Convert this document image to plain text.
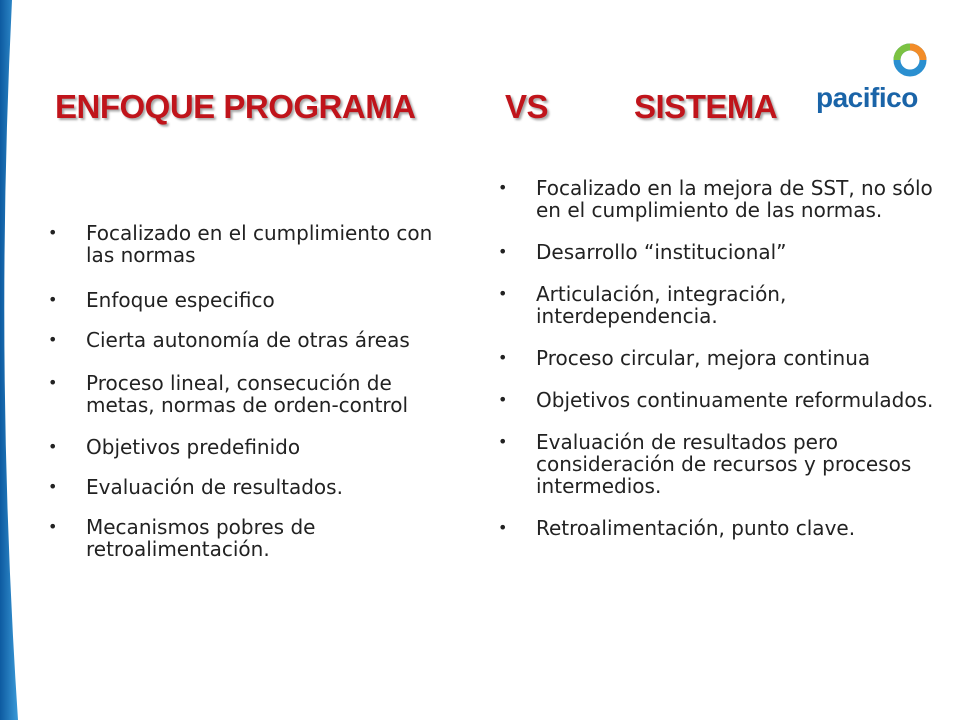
ENFOQUE PROGRAMA	VS	SISTEMA pacifico
• Focalizado en el cumplimiento con las normas
• Enfoque especifico
• Cierta autonomía de otras áreas
• Proceso lineal, consecución de metas, normas de orden-control
• Objetivos predefinido
• Evaluación de resultados.
• Mecanismos pobres de retroalimentación.
• Focalizado en la mejora de SST, no sólo en el cumplimiento de las normas.
• Desarrollo “institucional”
• Articulación, integración, interdependencia.
• Proceso circular, mejora continua
• Objetivos continuamente reformulados.
• Evaluación de resultados pero consideración de recursos y procesos intermedios.
• Retroalimentación, punto clave.
